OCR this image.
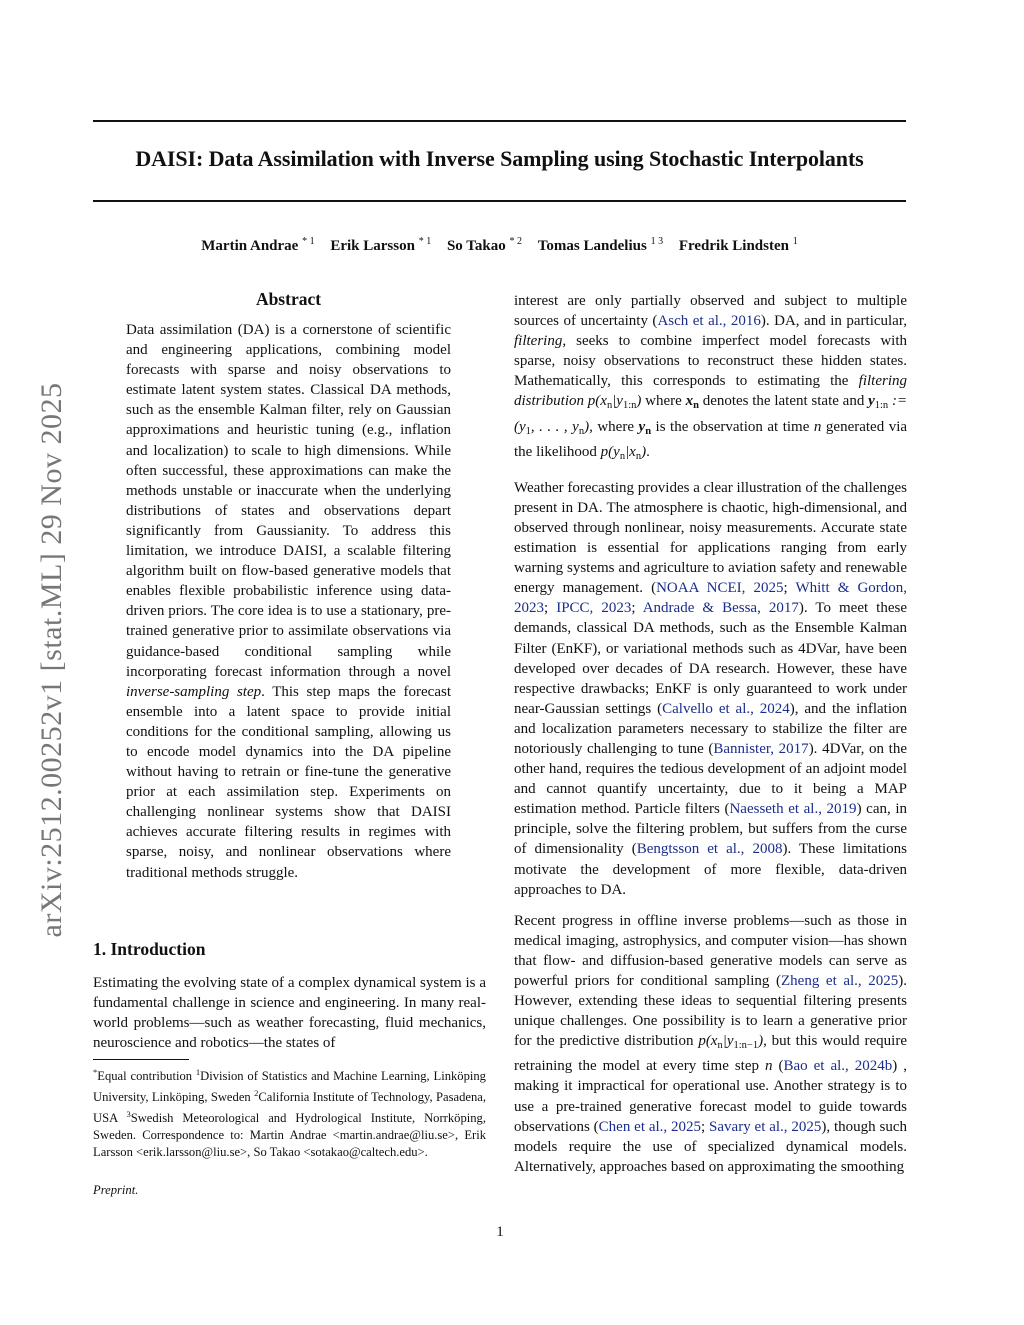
DAISI: Data Assimilation with Inverse Sampling using Stochastic Interpolants
Martin Andrae $^{* 1}$ Erik Larsson $^{* 1}$ So Takao $^{* 2}$ Tomas Landelius $^{1 3}$ Fredrik Lindsten $^1$
arXiv:2512.00252v1 [stat.ML] 29 Nov 2025
Abstract

Data assimilation (DA) is a cornerstone of scientific and engineering applications, combining model forecasts with sparse and noisy observations to estimate latent system states. Classical DA methods, such as the ensemble Kalman filter, rely on Gaussian approximations and heuristic tuning (e.g., inflation and localization) to scale to high dimensions. While often successful, these approximations can make the methods unstable or inaccurate when the underlying distributions of states and observations depart significantly from Gaussianity. To address this limitation, we introduce DAISI, a scalable filtering algorithm built on flow-based generative models that enables flexible probabilistic inference using data-driven priors. The core idea is to use a stationary, pre-trained generative prior to assimilate observations via guidance-based conditional sampling while incorporating forecast information through a novel inverse-sampling step. This step maps the forecast ensemble into a latent space to provide initial conditions for the conditional sampling, allowing us to encode model dynamics into the DA pipeline without having to retrain or fine-tune the generative prior at each assimilation step. Experiments on challenging nonlinear systems show that DAISI achieves accurate filtering results in regimes with sparse, noisy, and nonlinear observations where traditional methods struggle.

1. Introduction

Estimating the evolving state of a complex dynamical system is a fundamental challenge in science and engineering. In many real-world problems—such as weather forecasting, fluid mechanics, neuroscience and robotics—the states of

*Equal contribution $^1$Division of Statistics and Machine Learning, Linköping University, Linköping, Sweden $^2$California Institute of Technology, Pasadena, USA $^3$Swedish Meteorological and Hydrological Institute, Norrköping, Sweden. Correspondence to: Martin Andrae <martin.andrae@liu.se>, Erik Larsson <erik.larsson@liu.se>, So Takao <sotakao@caltech.edu>.
Preprint.

interest are only partially observed and subject to multiple sources of uncertainty (Asch et al., 2016). DA, and in particular, filtering, seeks to combine imperfect model forecasts with sparse, noisy observations to reconstruct these hidden states. Mathematically, this corresponds to estimating the filtering distribution $p(x_n|y_{1:n})$ where $x_n$ denotes the latent state and $y_{1:n}$ := ($y_1$, . . . , $y_n$), where $y_n$ is the observation at time n generated via the likelihood $p(y_n|x_n)$.

Weather forecasting provides a clear illustration of the challenges present in DA. The atmosphere is chaotic, high-dimensional, and observed through nonlinear, noisy measurements. Accurate state estimation is essential for applications ranging from early warning systems and agriculture to aviation safety and renewable energy management. (NOAA NCEI, 2025; Whitt & Gordon, 2023; IPCC, 2023; Andrade & Bessa, 2017). To meet these demands, classical DA methods, such as the Ensemble Kalman Filter (EnKF), or variational methods such as 4DVar, have been developed over decades of DA research. However, these have respective drawbacks; EnKF is only guaranteed to work under near-Gaussian settings (Calvello et al., 2024), and the inflation and localization parameters necessary to stabilize the filter are notoriously challenging to tune (Bannister, 2017). 4DVar, on the other hand, requires the tedious development of an adjoint model and cannot quantify uncertainty, due to it being a MAP estimation method. Particle filters (Naesseth et al., 2019) can, in principle, solve the filtering problem, but suffers from the curse of dimensionality (Bengtsson et al., 2008). These limitations motivate the development of more flexible, data-driven approaches to DA.

Recent progress in offline inverse problems—such as those in medical imaging, astrophysics, and computer vision—has shown that flow- and diffusion-based generative models can serve as powerful priors for conditional sampling (Zheng et al., 2025). However, extending these ideas to sequential filtering presents unique challenges. One possibility is to learn a generative prior for the predictive distribution $p(x_n|y_{1:n-1})$, but this would require retraining the model at every time step n (Bao et al., 2024b) , making it impractical for operational use. Another strategy is to use a pre-trained generative forecast model to guide towards observations (Chen et al., 2025; Savary et al., 2025), though such models require the use of specialized dynamical models. Alternatively, approaches based on approximating the smoothing

1
